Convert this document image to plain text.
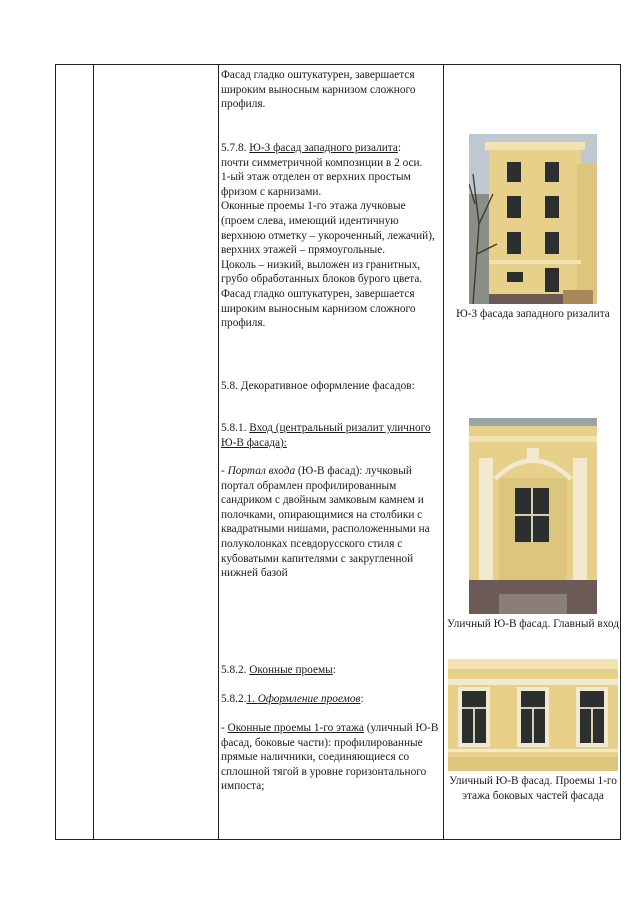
Фасад гладко оштукатурен, завершается широким выносным карнизом сложного профиля.

5.7.8. Ю-З фасад западного ризалита:

почти симметричной композиции в 2 оси.

1-ый этаж отделен от верхних простым фризом с карнизами.

Оконные проемы 1-го этажа лучковые (проем слева, имеющий идентичную верхнюю отметку – укороченный, лежачий), верхних этажей – прямоугольные.

Цоколь – низкий, выложен из гранитных, грубо обработанных блоков бурого цвета.

Фасад гладко оштукатурен, завершается широким выносным карнизом сложного профиля.

5.8. Декоративное оформление фасадов:

5.8.1. Вход (центральный ризалит уличного Ю-В фасада):

- Портал входа (Ю-В фасад): лучковый портал обрамлен профилированным сандриком с двойным замковым камнем и полочками, опирающимися на столбики с квадратными нишами, расположенными на полуколонках псевдорусского стиля с кубоватыми капителями с закругленной нижней базой

5.8.2. Оконные проемы:

5.8.2.1. Оформление проемов:

- Оконные проемы 1-го этажа (уличный Ю-В фасад, боковые части): профилированные прямые наличники, соединяющиеся со сплошной тягой в уровне горизонтального импоста;

Ю-З фасада западного ризалита
Уличный Ю-В фасад. Главный вход
Уличный Ю-В фасад. Проемы 1-го этажа боковых частей фасада
